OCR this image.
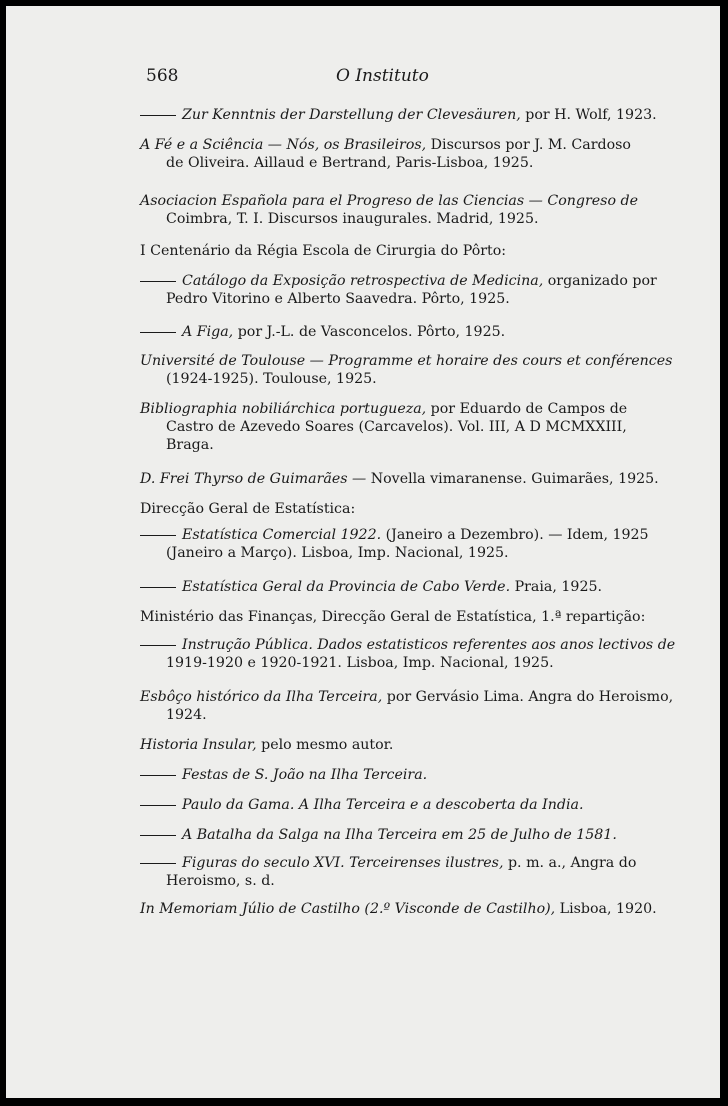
568	O Instituto
Zur Kenntnis der Darstellung der Clevesäuren, por H. Wolf, 1923.
A Fé e a Sciência — Nós, os Brasileiros, Discursos por J. M. Cardoso
de Oliveira. Aillaud e Bertrand, Paris-Lisboa, 1925.
Asociacion Española para el Progreso de las Ciencias — Congreso de
Coimbra, T. I. Discursos inaugurales. Madrid, 1925.
I Centenário da Régia Escola de Cirurgia do Pôrto:
Catálogo da Exposição retrospectiva de Medicina, organizado por
Pedro Vitorino e Alberto Saavedra. Pôrto, 1925.
A Figa, por J.-L. de Vasconcelos. Pôrto, 1925.
Université de Toulouse — Programme et horaire des cours et conférences
(1924-1925). Toulouse, 1925.
Bibliographia nobiliárchica portugueza, por Eduardo de Campos de
Castro de Azevedo Soares (Carcavelos). Vol. III, A D MCMXXIII,
Braga.
D. Frei Thyrso de Guimarães — Novella vimaranense. Guimarães, 1925.
Direcção Geral de Estatística:
Estatística Comercial 1922. (Janeiro a Dezembro). — Idem, 1925
(Janeiro a Março). Lisboa, Imp. Nacional, 1925.
Estatística Geral da Provincia de Cabo Verde. Praia, 1925.
Ministério das Finanças, Direcção Geral de Estatística, 1.ª repartição:
Instrução Pública. Dados estatisticos referentes aos anos lectivos de
1919-1920 e 1920-1921. Lisboa, Imp. Nacional, 1925.
Esbôço histórico da Ilha Terceira, por Gervásio Lima. Angra do Heroismo,
1924.
Historia Insular, pelo mesmo autor.
Festas de S. João na Ilha Terceira.
Paulo da Gama. A Ilha Terceira e a descoberta da India.
A Batalha da Salga na Ilha Terceira em 25 de Julho de 1581.
Figuras do seculo XVI. Terceirenses ilustres, p. m. a., Angra do
Heroismo, s. d.
In Memoriam Júlio de Castilho (2.º Visconde de Castilho), Lisboa, 1920.
